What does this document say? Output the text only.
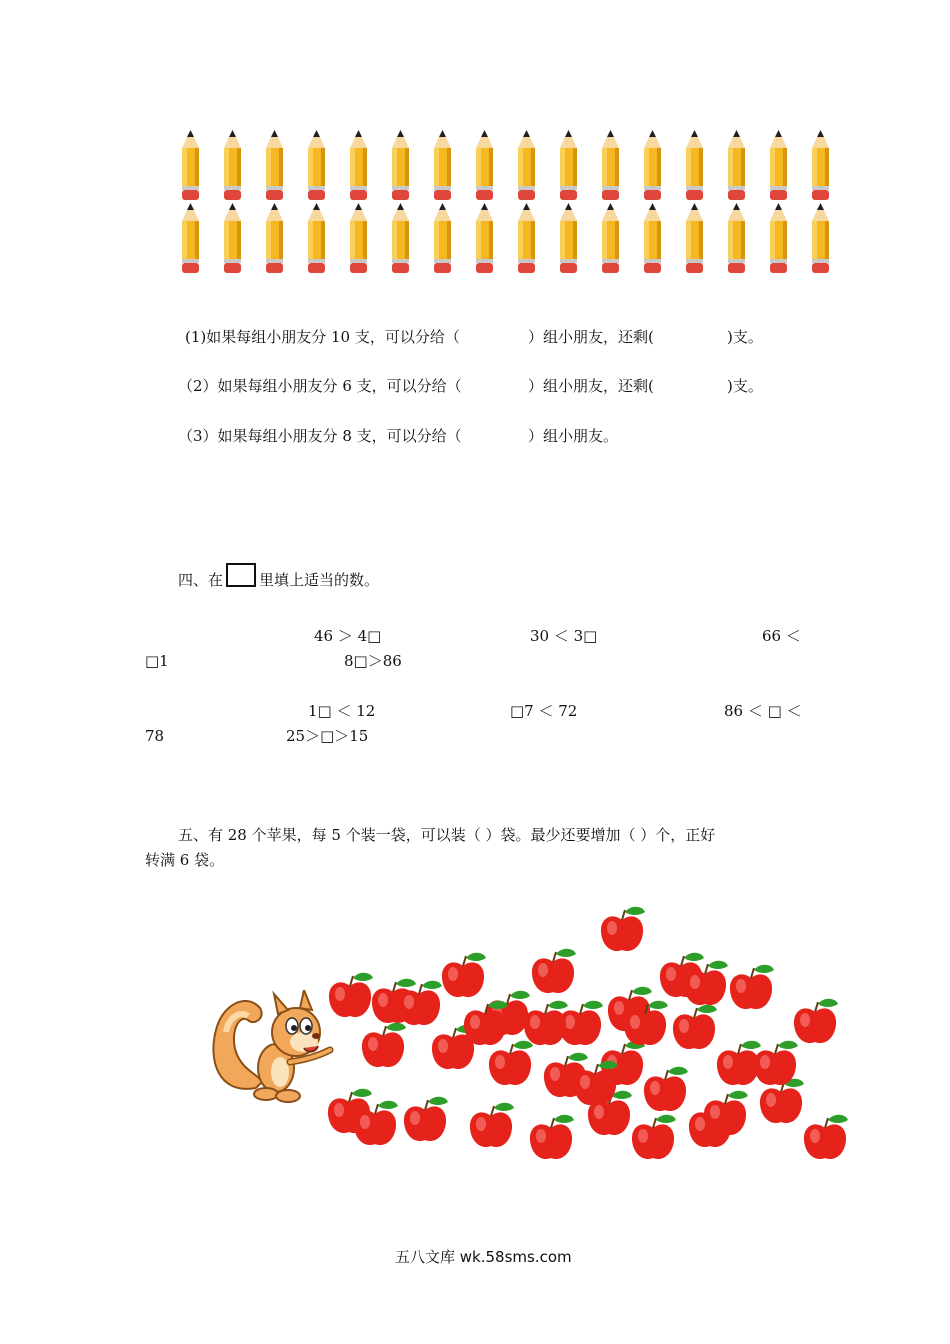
(1)如果每组小朋友分 10 支，可以分给（	）组小朋友，还剩(	)支。
（2）如果每组小朋友分 6 支，可以分给（	）组小朋友，还剩(	)支。
（3）如果每组小朋友分 8 支，可以分给（	）组小朋友。
四、在 里填上适当的数。
46 ＞ 4□	30 ＜ 3□	66 ＜
□1	8□＞86
1□ ＜ 12	□7 ＜ 72	86 ＜ □ ＜
78	25＞□＞15
五、有 28 个苹果，每 5 个装一袋，可以装（ ）袋。最少还要增加（ ）个，正好
转满 6 袋。
五八文库 wk.58sms.com
